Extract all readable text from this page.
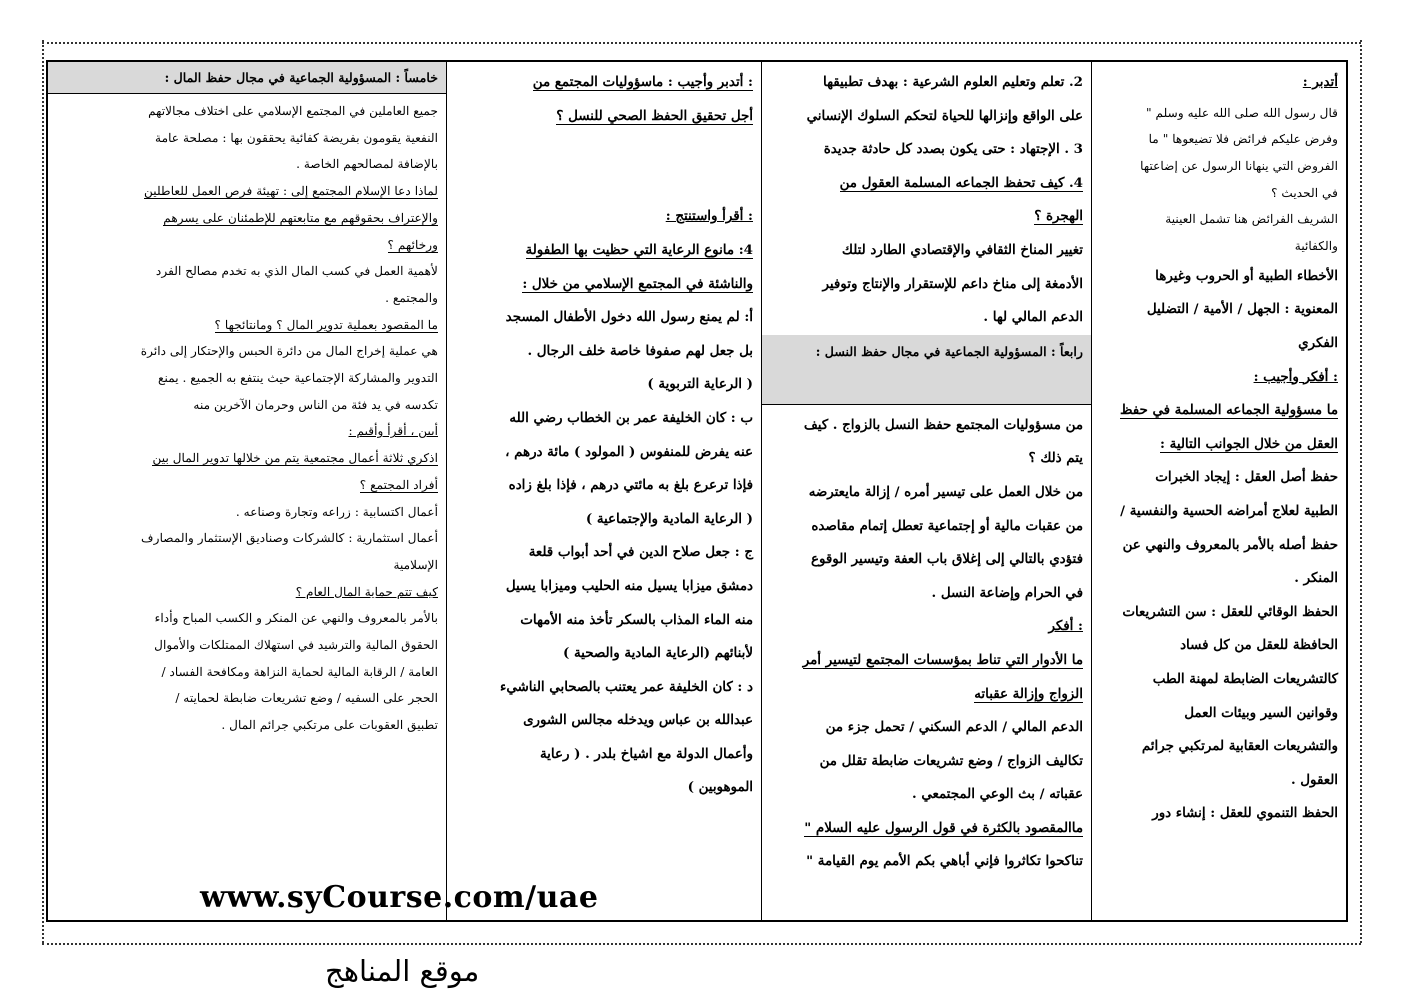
أتدبر :
قال رسول الله صلى الله عليه وسلم "
وفرض عليكم فرائض فلا تضيعوها " ما
الفروض التي ينهانا الرسول عن إضاعتها
في الحديث ؟
الشريف الفرائض هنا تشمل العينية
والكفائية
الأخطاء الطبية أو الحروب وغيرها
المعنوية : الجهل / الأمية / التضليل
الفكري
: أفكر وأجيب :
ما مسؤولية الجماعه المسلمة في حفظ
العقل من خلال الجوانب التالية :
حفظ أصل العقل : إيجاد الخبرات
الطبية لعلاج أمراضه الحسية والنفسية /
حفظ أصله بالأمر بالمعروف والنهي عن
المنكر .
الحفظ الوقائي للعقل : سن التشريعات
الحافظة للعقل من كل فساد
كالتشريعات الضابطة لمهنة الطب
وقوانين السير وبيئات العمل
والتشريعات العقابية لمرتكبي جرائم
العقول .
الحفظ التنموي للعقل : إنشاء دور
2. تعلم وتعليم العلوم الشرعية : بهدف تطبيقها
على الواقع وإنزالها للحياة لتحكم السلوك الإنساني
3 . الإجتهاد : حتى يكون بصدد كل حادثة جديدة
4. كيف تحفظ الجماعه المسلمة العقول من
الهجرة ؟
تغيير المناخ الثقافي والإقتصادي الطارد لتلك
الأدمغة إلى مناخ داعم للإستقرار والإنتاج وتوفير
الدعم المالي لها .
رابعاً : المسؤولية الجماعية في مجال حفظ النسل :
من مسؤوليات المجتمع حفظ النسل بالزواج . كيف
يتم ذلك ؟
من خلال العمل على تيسير أمره / إزالة مايعترضه
من عقبات مالية أو إجتماعية تعطل إتمام مقاصده
فتؤدي بالتالي إلى إغلاق باب العفة وتيسير الوقوع
في الحرام وإضاعة النسل .
: أفكر
ما الأدوار التي تناط بمؤسسات المجتمع لتيسير أمر
الزواج وإزالة عقباته
الدعم المالي / الدعم السكني / تحمل جزء من
تكاليف الزواج / وضع تشريعات ضابطة تقلل من
عقباته / بث الوعي المجتمعي .
ماالمقصود بالكثرة في قول الرسول عليه السلام "
تناكحوا تكاثروا فإني أباهي بكم الأمم يوم القيامة "
: أتدبر وأجيب : ماسؤوليات المجتمع من
أجل تحقيق الحفظ الصحي للنسل ؟

: أقرأ واستنتج :
4: مانوع الرعاية التي حظيت بها الطفولة
والناشئة في المجتمع الإسلامي من خلال :
أ: لم يمنع رسول الله دخول الأطفال المسجد
بل جعل لهم صفوفا خاصة خلف الرجال .
( الرعاية التربوية )
ب : كان الخليفة عمر بن الخطاب رضي الله
عنه يفرض للمنفوس ( المولود ) مائة درهم ،
فإذا ترعرع بلغ به مائتي درهم ، فإذا بلغ زاده
( الرعاية المادية والإجتماعية )
ج : جعل صلاح الدين في أحد أبواب قلعة
دمشق ميزابا يسيل منه الحليب وميزابا يسيل
منه الماء المذاب بالسكر تأخذ منه الأمهات
لأبنائهم (الرعاية المادية والصحية )
د : كان الخليفة عمر يعتنب بالصحابي الناشيء
عبدالله بن عباس ويدخله مجالس الشورى
وأعمال الدولة مع اشياخ بلدر . ( رعاية
الموهوبين )
خامساً : المسؤولية الجماعية في مجال حفظ المال :
جميع العاملين في المجتمع الإسلامي على اختلاف مجالاتهم
النفعية يقومون بفريضة كفائية يحققون بها : مصلحة عامة
بالإضافة لمصالحهم الخاصة .
لماذا دعا الإسلام المجتمع إلى : تهيئة فرص العمل للعاطلين
والإعتراف بحقوقهم مع متابعتهم للإطمئنان على يسرهم
ورخائهم ؟
لأهمية العمل في كسب المال الذي به تخدم مصالح الفرد
والمجتمع .
ما المقصود بعملية تدوير المال ؟ ومانتائجها ؟
هي عملية إخراج المال من دائرة الحبس والإحتكار إلى دائرة
التدوير والمشاركة الإجتماعية حيث ينتفع به الجميع . يمنع
تكدسه في يد فئة من الناس وحرمان الآخرين منه
أبين ، أقرأ وأقيم :
اذكري ثلاثة أعمال مجتمعية يتم من خلالها تدوير المال بين
أفراد المجتمع ؟
أعمال اكتسابية : زراعه وتجارة وصناعه .
أعمال استثمارية : كالشركات وصناديق الإستثمار والمصارف
الإسلامية
كيف تتم حماية المال العام ؟
بالأمر بالمعروف والنهي عن المنكر و الكسب المباح وأداء
الحقوق المالية والترشيد في استهلاك الممتلكات والأموال
العامة / الرقابة المالية لحماية النزاهة ومكافحة الفساد /
الحجر على السفيه / وضع تشريعات ضابطة لحمايته /
تطبيق العقوبات على مرتكبي جرائم المال .
www.syCourse.com/uae
موقع المناهج
